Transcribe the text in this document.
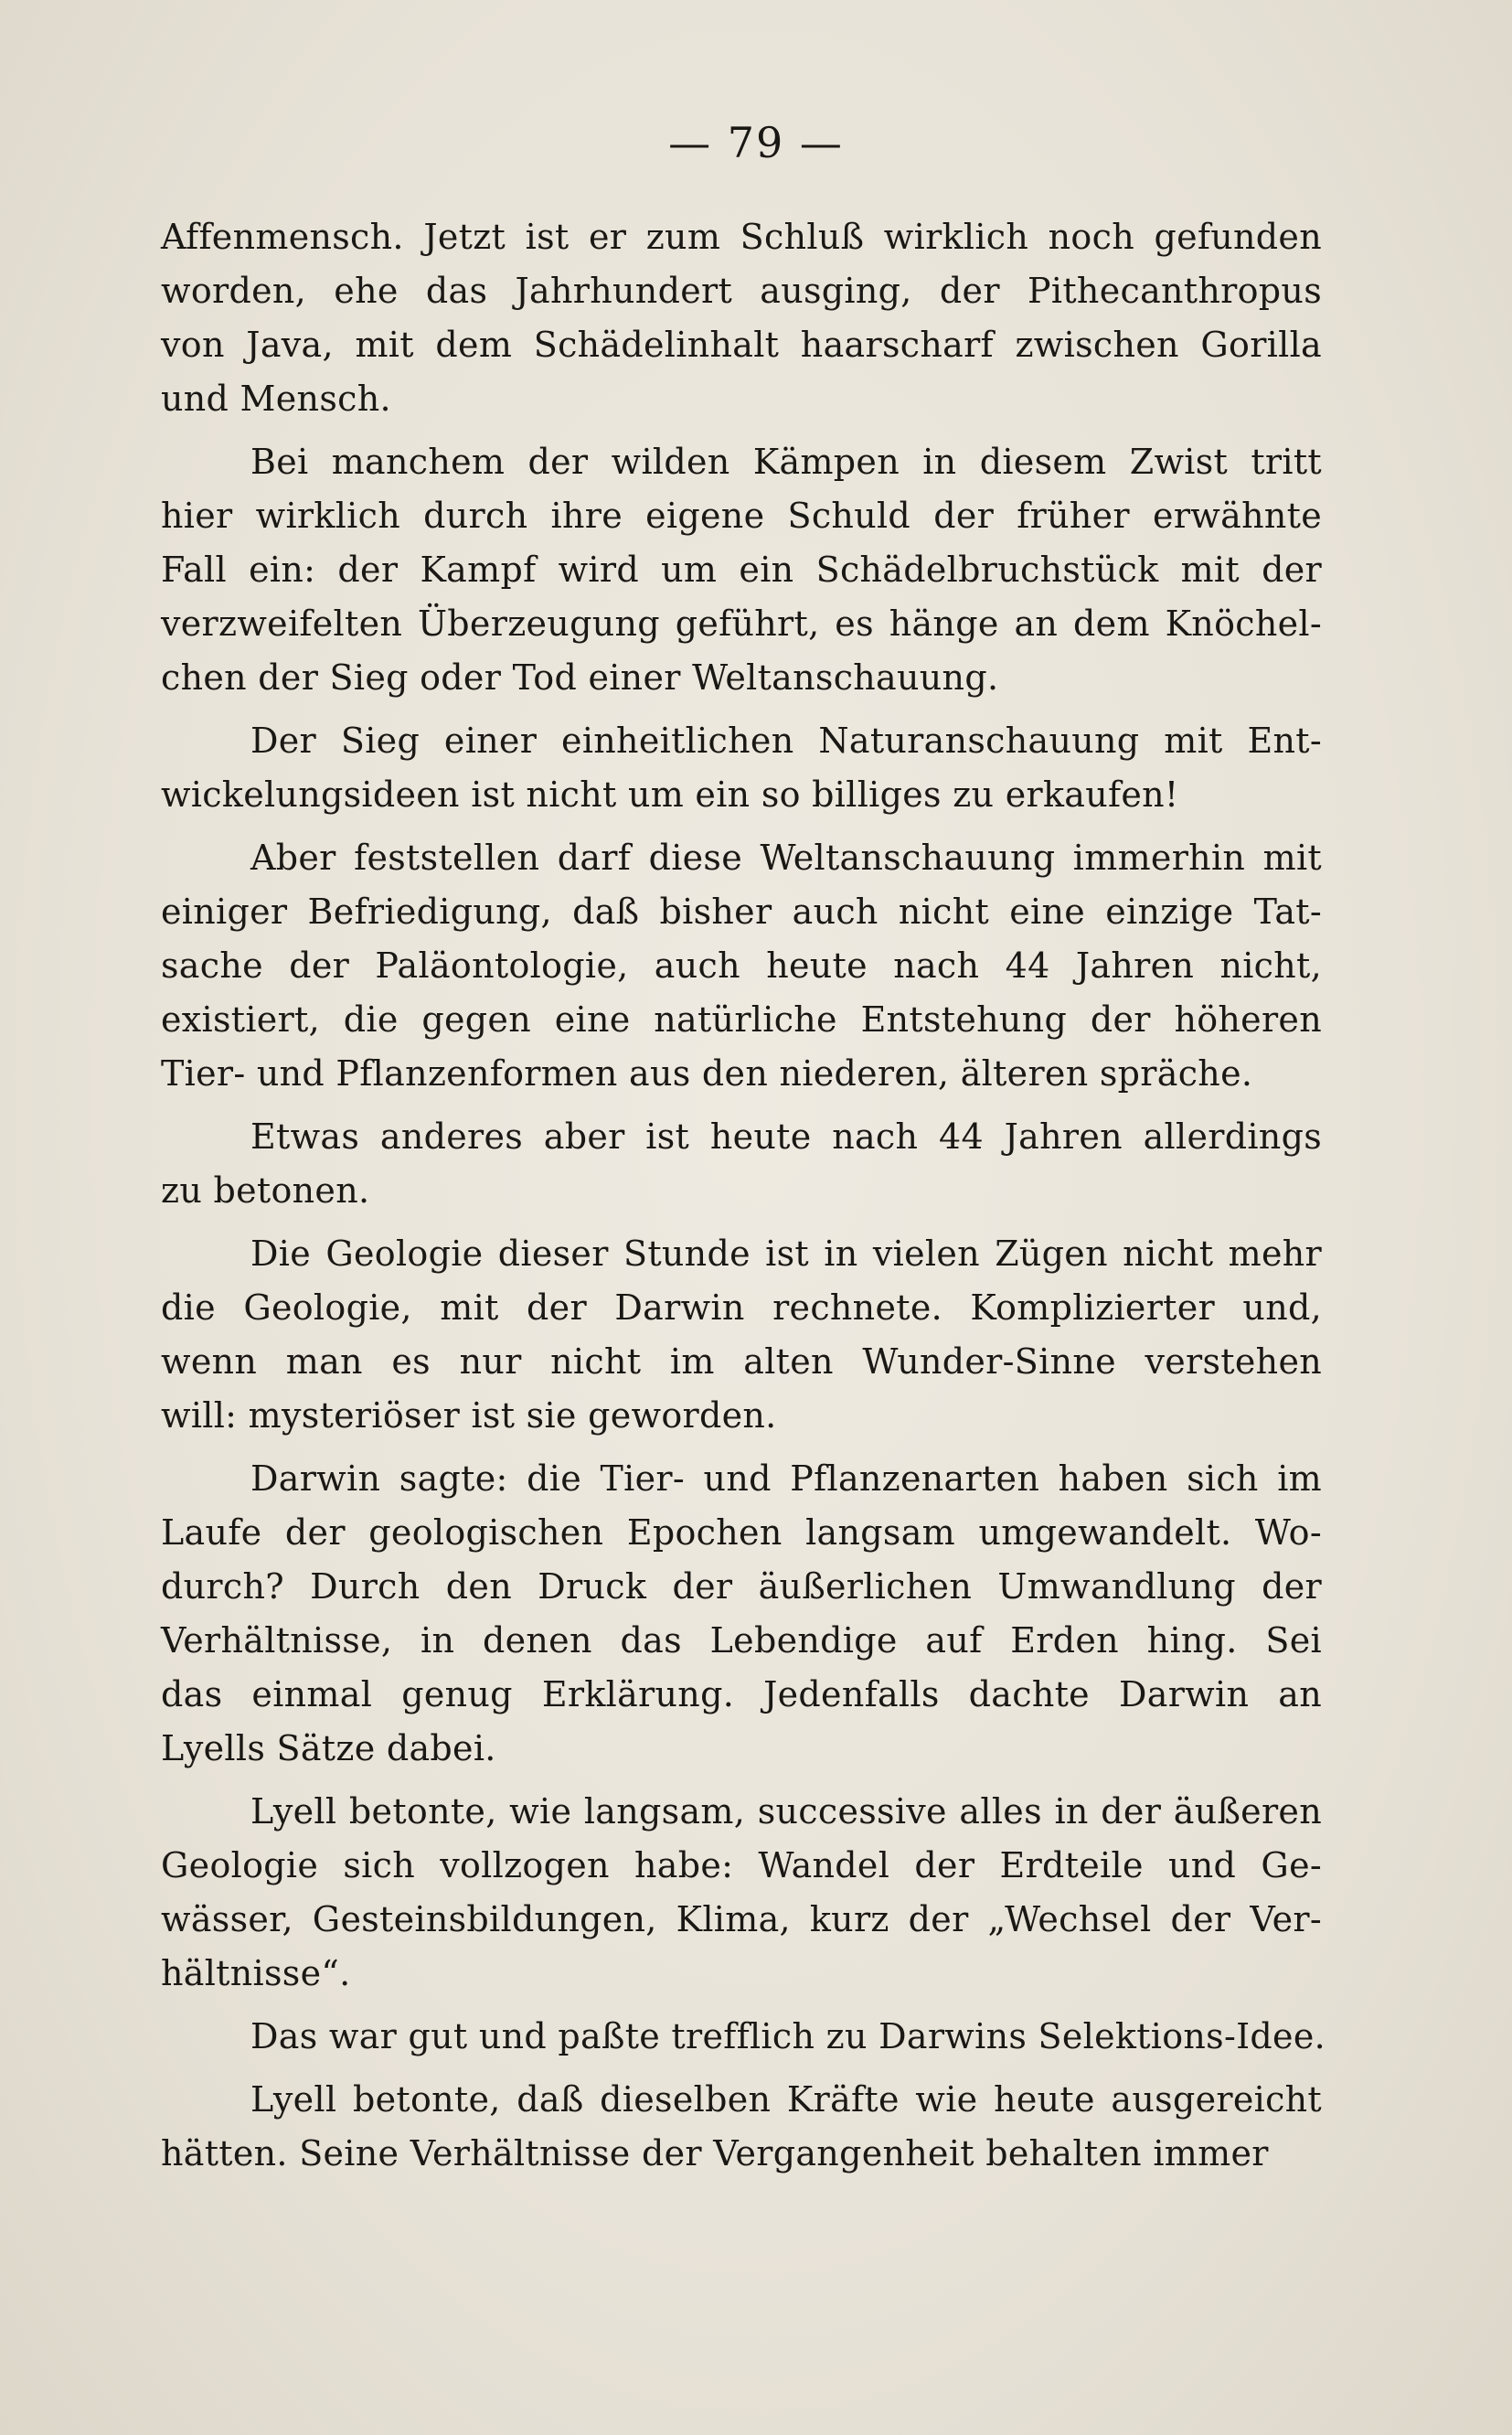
— 79 —
Affenmensch. Jetzt ist er zum Schluß wirklich noch gefunden
worden, ehe das Jahrhundert ausging, der Pithecanthropus
von Java, mit dem Schädelinhalt haarscharf zwischen Gorilla
und Mensch.
Bei manchem der wilden Kämpen in diesem Zwist tritt
hier wirklich durch ihre eigene Schuld der früher erwähnte
Fall ein: der Kampf wird um ein Schädelbruchstück mit der
verzweifelten Überzeugung geführt, es hänge an dem Knöchel-
chen der Sieg oder Tod einer Weltanschauung.
Der Sieg einer einheitlichen Naturanschauung mit Ent-
wickelungsideen ist nicht um ein so billiges zu erkaufen!
Aber feststellen darf diese Weltanschauung immerhin mit
einiger Befriedigung, daß bisher auch nicht eine einzige Tat-
sache der Paläontologie, auch heute nach 44 Jahren nicht,
existiert, die gegen eine natürliche Entstehung der höheren
Tier- und Pflanzenformen aus den niederen, älteren spräche.
Etwas anderes aber ist heute nach 44 Jahren allerdings
zu betonen.
Die Geologie dieser Stunde ist in vielen Zügen nicht mehr
die Geologie, mit der Darwin rechnete. Komplizierter und,
wenn man es nur nicht im alten Wunder-Sinne verstehen
will: mysteriöser ist sie geworden.
Darwin sagte: die Tier- und Pflanzenarten haben sich im
Laufe der geologischen Epochen langsam umgewandelt. Wo-
durch? Durch den Druck der äußerlichen Umwandlung der
Verhältnisse, in denen das Lebendige auf Erden hing. Sei
das einmal genug Erklärung. Jedenfalls dachte Darwin an
Lyells Sätze dabei.
Lyell betonte, wie langsam, successive alles in der äußeren
Geologie sich vollzogen habe: Wandel der Erdteile und Ge-
wässer, Gesteinsbildungen, Klima, kurz der „Wechsel der Ver-
hältnisse“.
Das war gut und paßte trefflich zu Darwins Selektions-Idee.
Lyell betonte, daß dieselben Kräfte wie heute ausgereicht
hätten. Seine Verhältnisse der Vergangenheit behalten immer
